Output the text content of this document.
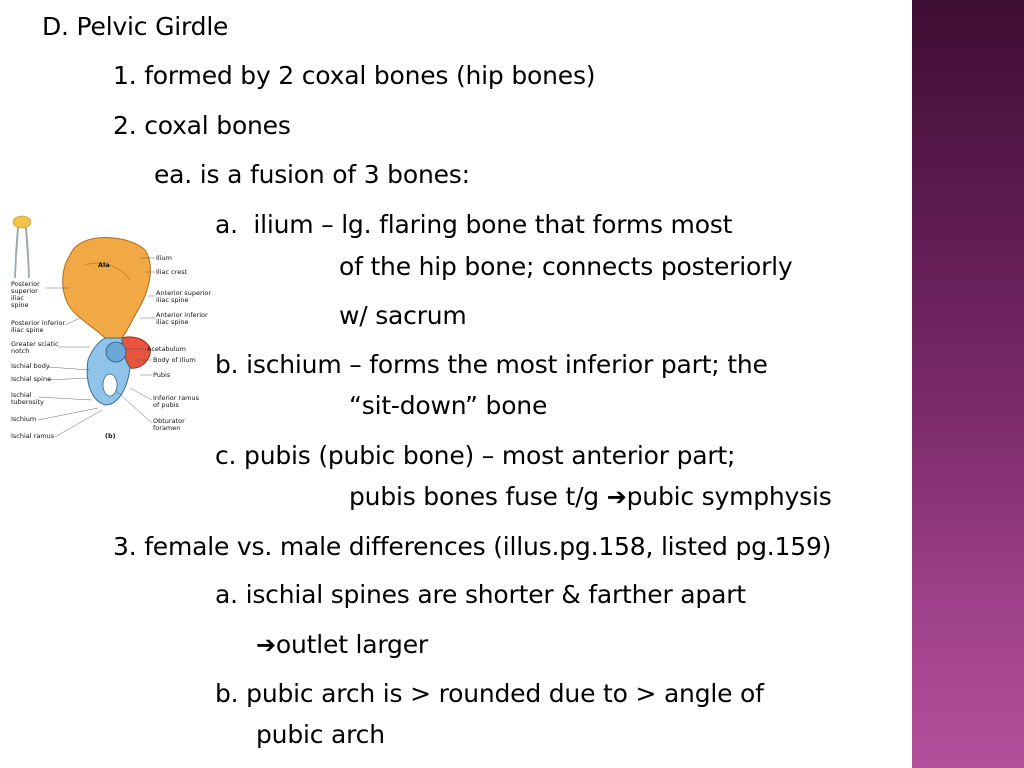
D. Pelvic Girdle
1. formed by 2 coxal bones (hip bones)
2. coxal bones
ea. is a fusion of 3 bones:
a.  ilium – lg. flaring bone that forms most
of the hip bone; connects posteriorly
w/ sacrum
b. ischium – forms the most inferior part; the
“sit-down” bone
c. pubis (pubic bone) – most anterior part;
pubis bones fuse t/g ➔pubic symphysis
3. female vs. male differences (illus.pg.158, listed pg.159)
a. ischial spines are shorter & farther apart
➔outlet larger
b. pubic arch is > rounded due to > angle of
pubic arch
Ala
Ilium
Iliac crest
Anterior superior
iliac spine
Anterior inferior
iliac spine
Acetabulum
Body of ilium
Pubis
Inferior ramus
of pubis
Obturator
foramen
Posterior
superior
iliac
spine
Posterior inferior
iliac spine
Greater sciatic
notch
Ischial body
Ischial spine
Ischial
tuberosity
Ischium
Ischial ramus	(b)
